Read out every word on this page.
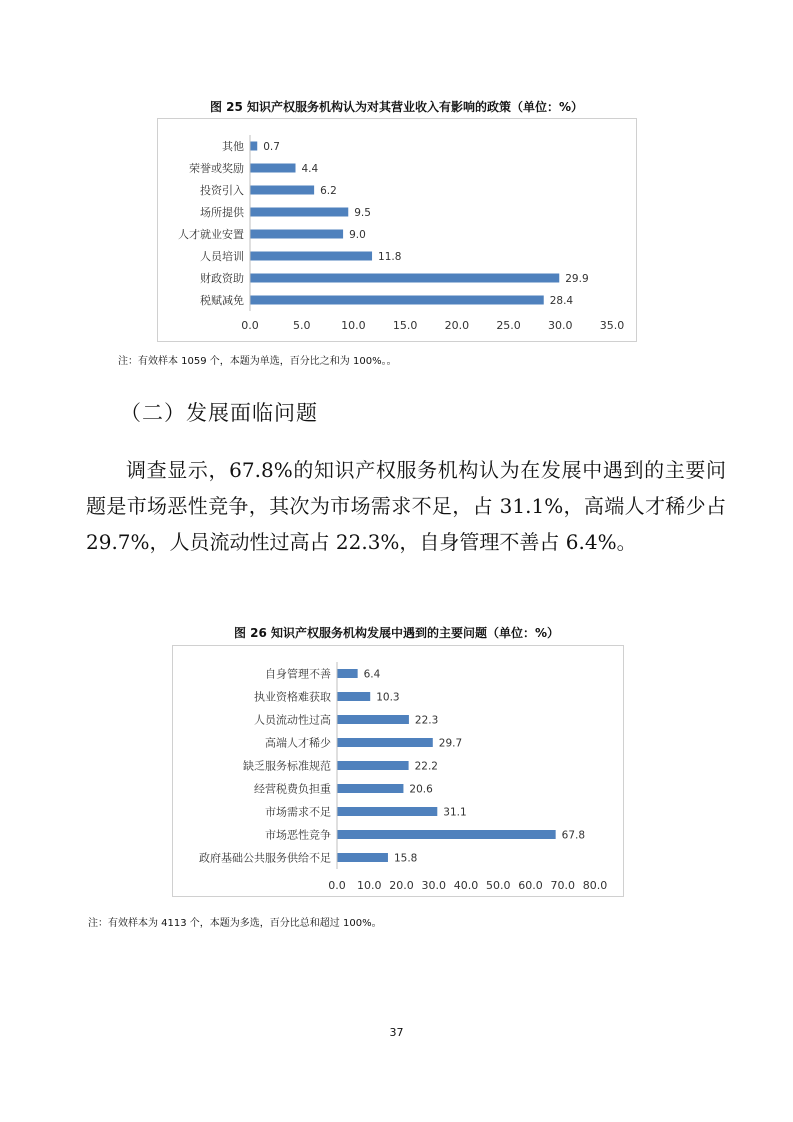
图 25 知识产权服务机构认为对其营业收入有影响的政策（单位：%）
其他 0.7
荣誉或奖励	4.4
投资引入	6.2
场所提供	9.5
人才就业安置	9.0
人员培训	11.8
财政资助	29.9
税赋减免	28.4
0.0	5.0	10.0 15.0 20.0 25.0 30.0 35.0
注：有效样本 1059 个，本题为单选，百分比之和为 100%。。
（二）发展面临问题
调查显示，67.8%的知识产权服务机构认为在发展中遇到的主要问题是市场恶性竞争，其次为市场需求不足，占 31.1%，高端人才稀少占 29.7%，人员流动性过高占 22.3%，自身管理不善占 6.4%。
图 26 知识产权服务机构发展中遇到的主要问题（单位：%）
自身管理不善	6.4
执业资格难获取	10.3
人员流动性过高	22.3
高端人才稀少	29.7
缺乏服务标准规范	22.2
经营税费负担重	20.6
市场需求不足	31.1
市场恶性竞争	67.8
政府基础公共服务供给不足	15.8
0.0 10.0 20.0 30.0 40.0 50.0 60.0 70.0 80.0
注：有效样本为 4113 个，本题为多选，百分比总和超过 100%。
37
